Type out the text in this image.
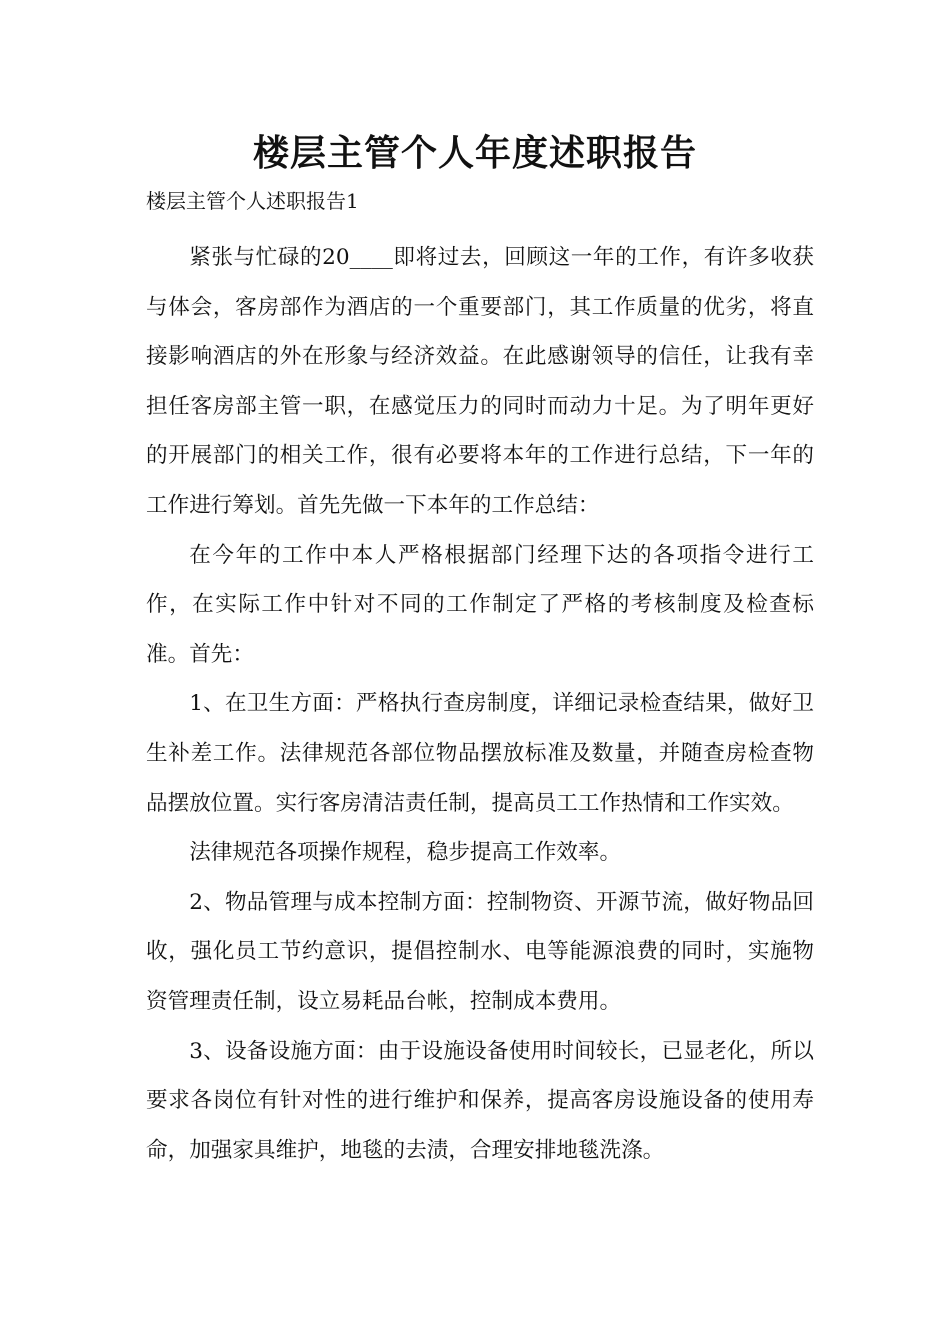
楼层主管个人年度述职报告
楼层主管个人述职报告1

紧张与忙碌的20____即将过去，回顾这一年的工作，有许多收获与体会，客房部作为酒店的一个重要部门，其工作质量的优劣，将直接影响酒店的外在形象与经济效益。在此感谢领导的信任，让我有幸担任客房部主管一职，在感觉压力的同时而动力十足。为了明年更好的开展部门的相关工作，很有必要将本年的工作进行总结，下一年的工作进行筹划。首先先做一下本年的工作总结：

在今年的工作中本人严格根据部门经理下达的各项指令进行工作，在实际工作中针对不同的工作制定了严格的考核制度及检查标准。首先：

1、在卫生方面：严格执行查房制度，详细记录检查结果，做好卫生补差工作。法律规范各部位物品摆放标准及数量，并随查房检查物品摆放位置。实行客房清洁责任制，提高员工工作热情和工作实效。

法律规范各项操作规程，稳步提高工作效率。

2、物品管理与成本控制方面：控制物资、开源节流，做好物品回收，强化员工节约意识，提倡控制水、电等能源浪费的同时，实施物资管理责任制，设立易耗品台帐，控制成本费用。

3、设备设施方面：由于设施设备使用时间较长，已显老化，所以要求各岗位有针对性的进行维护和保养，提高客房设施设备的使用寿命，加强家具维护，地毯的去渍，合理安排地毯洗涤。
